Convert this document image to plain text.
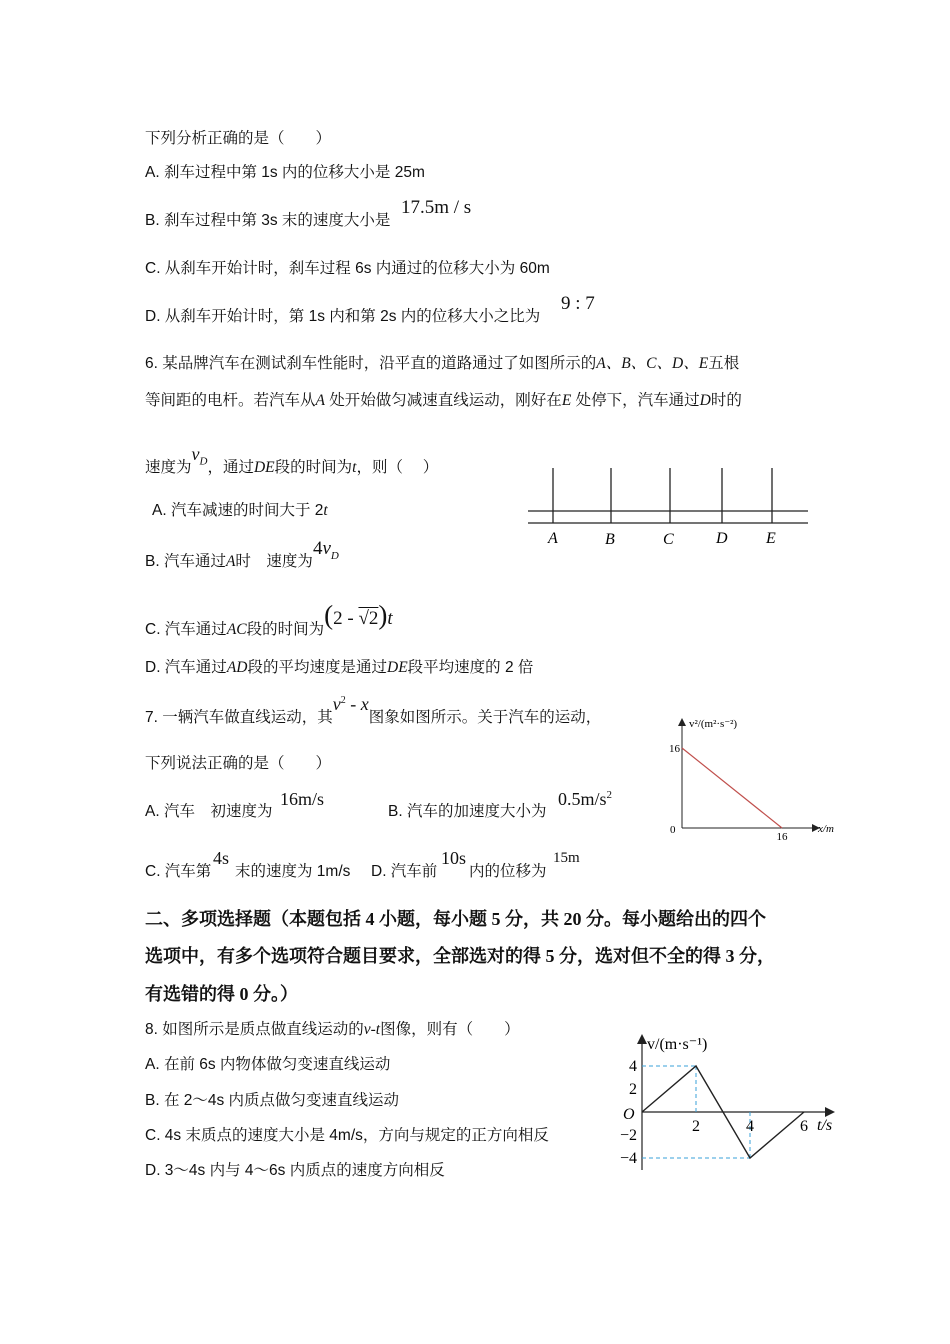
下列分析正确的是（　　）
A. 刹车过程中第 1s 内的位移大小是 25m
B. 刹车过程中第 3s 末的速度大小是
17.5m / s
C. 从刹车开始计时，刹车过程 6s 内通过的位移大小为 60m
D. 从刹车开始计时，第 1s 内和第 2s 内的位移大小之比为
9 : 7
6. 某品牌汽车在测试刹车性能时，沿平直的道路通过了如图所示的A、B、C、D、E五根
等间距的电杆。若汽车从A 处开始做匀减速直线运动，刚好在E 处停下，汽车通过D时的
速度为$v_D$，通过DE段的时间为t，则（　 ）
A. 汽车减速的时间大于 2t
B. 汽车通过A时　速度为$4v_D$
C. 汽车通过AC段的时间为(2 - √2)t
D. 汽车通过AD段的平均速度是通过DE段平均速度的 2 倍
A	B	C	D E
7. 一辆汽车做直线运动，其$v^2$ - x图象如图所示。关于汽车的运动，
下列说法正确的是（　　）
A. 汽车　初速度为
16m/s
B. 汽车的加速度大小为
$0.5m/s^2$
C. 汽车第
4s
末的速度为 1m/s D. 汽车前
10s
内的位移为
15m
v²/(m²·s⁻²)
x/m
0
16
16
二、多项选择题（本题包括 4 小题，每小题 5 分，共 20 分。每小题给出的四个
选项中，有多个选项符合题目要求，全部选对的得 5 分，选对但不全的得 3 分，
有选错的得 0 分。）
8. 如图所示是质点做直线运动的v-t图像，则有（　　）
A. 在前 6s 内物体做匀变速直线运动
B. 在 2～4s 内质点做匀变速直线运动
C. 4s 末质点的速度大小是 4m/s，方向与规定的正方向相反
D. 3～4s 内与 4～6s 内质点的速度方向相反
v/(m·s⁻¹)
t/s
O
2	4	6
4
2
−2
−4
